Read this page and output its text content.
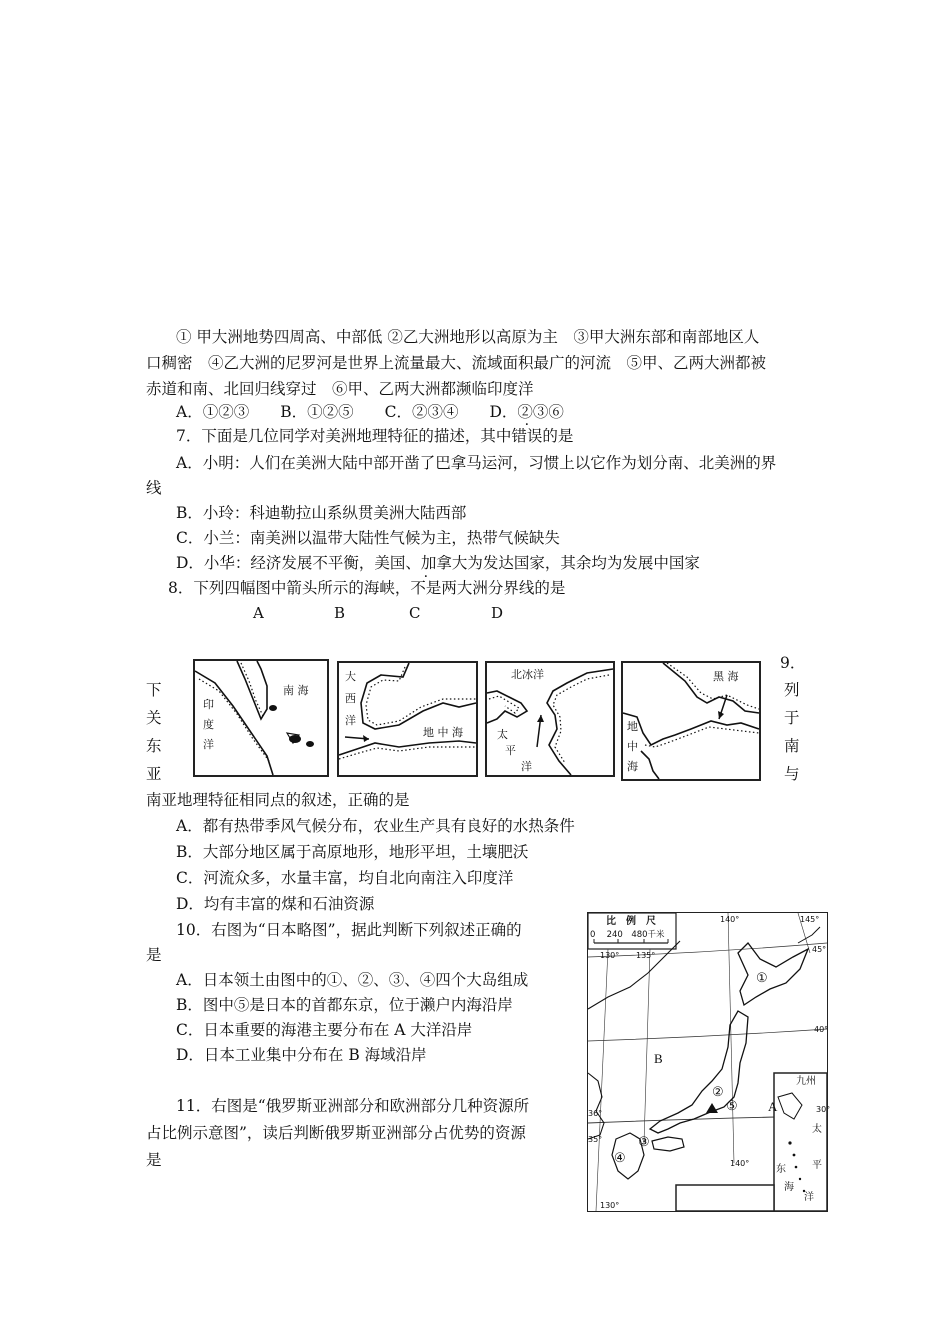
① 甲大洲地势四周高、中部低 ②乙大洲地形以高原为主　③甲大洲东部和南部地区人
口稠密　④乙大洲的尼罗河是世界上流量最大、流域面积最广的河流　⑤甲、乙两大洲都被
赤道和南、北回归线穿过　⑥甲、乙两大洲都濒临印度洋
A．①②③　　B．①②⑤　　C．②③④　　D．②③⑥
7．下面是几位同学对美洲地理特征的描述，其中错误的是
A．小明：人们在美洲大陆中部开凿了巴拿马运河，习惯上以它作为划分南、北美洲的界
线
B．小玲：科迪勒拉山系纵贯美洲大陆西部
C．小兰：南美洲以温带大陆性气候为主，热带气候缺失
D．小华：经济发展不平衡，美国、加拿大为发达国家，其余均为发展中国家
8．下列四幅图中箭头所示的海峡，不是两大洲分界线的是
A	B	C	D
9．
下
关
东
亚
列
于
南
与
南 海
印
度
洋
大
西
洋
地 中 海
北冰洋
太
平
洋
黑 海
地
中
海
南亚地理特征相同点的叙述，正确的是
A．都有热带季风气候分布，农业生产具有良好的水热条件
B．大部分地区属于高原地形，地形平坦，土壤肥沃
C．河流众多，水量丰富，均自北向南注入印度洋
D．均有丰富的煤和石油资源
10．右图为“日本略图”，据此判断下列叙述正确的
是
A．日本领土由图中的①、②、③、④四个大岛组成
B．图中⑤是日本的首都东京，位于濑户内海沿岸
C．日本重要的海港主要分布在 A 大洋沿岸
D．日本工业集中分布在 B 海域沿岸
11．右图是“俄罗斯亚洲部分和欧洲部分几种资源所
占比例示意图”，读后判断俄罗斯亚洲部分占优势的资源
是
比　例　尺
0　 240　480千米
130° 135°
140°
140°
145°
130°
45°
40°
36°
35°
30°
①
②
③
④
⑤ A
B
九州
太
平
东
海
洋
